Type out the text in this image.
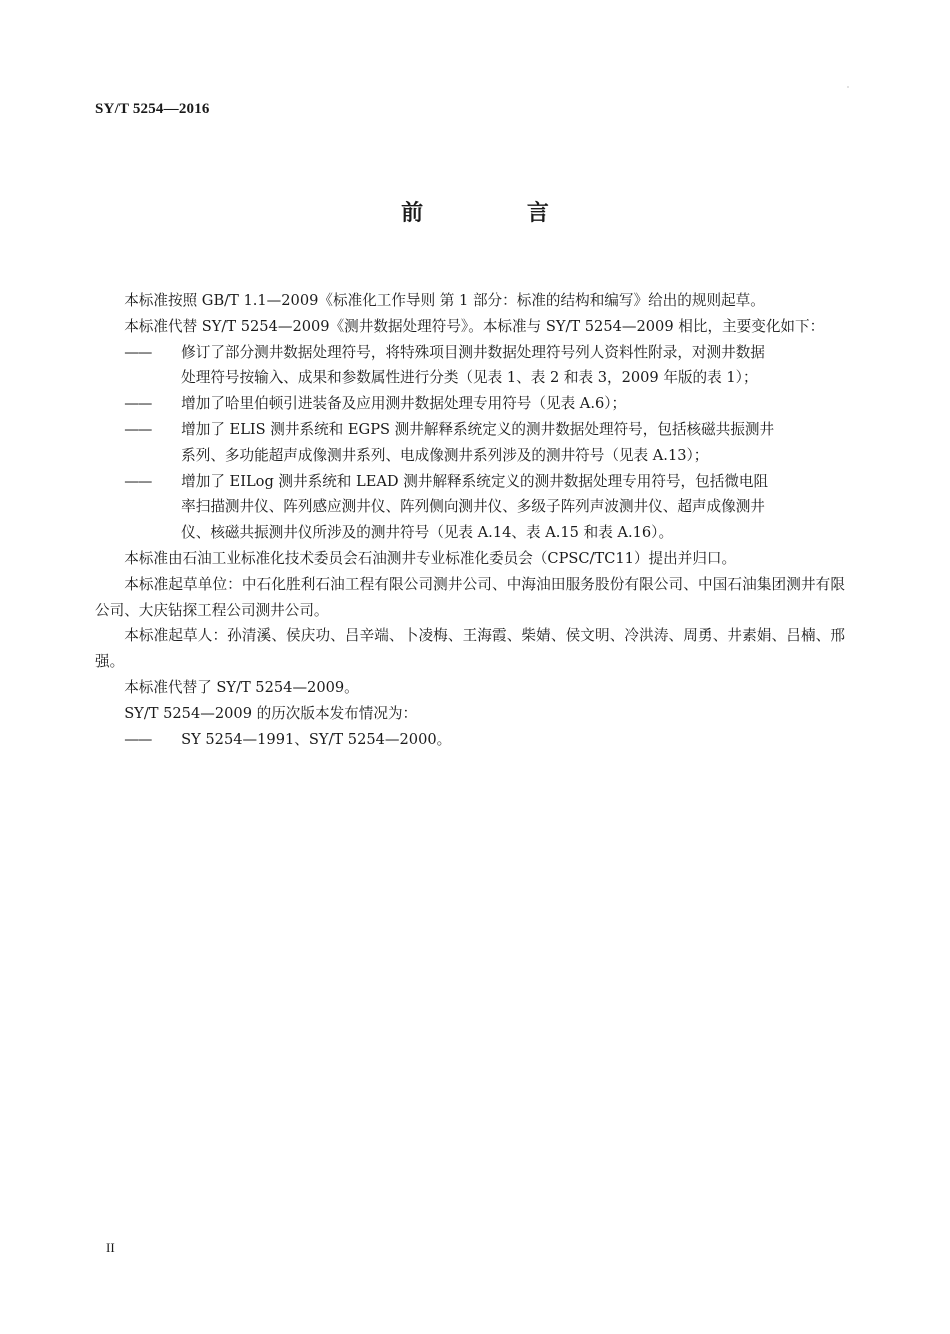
SY/T 5254—2016
前 言

本标准按照 GB/T 1.1—2009《标准化工作导则 第 1 部分：标准的结构和编写》给出的规则起草。

本标准代替 SY/T 5254—2009《测井数据处理符号》。本标准与 SY/T 5254—2009 相比，主要变化如下：

—— 修订了部分测井数据处理符号，将特殊项目测井数据处理符号列人资料性附录，对测井数据
处理符号按输入、成果和参数属性进行分类（见表 1、表 2 和表 3，2009 年版的表 1）；
—— 增加了哈里伯顿引进装备及应用测井数据处理专用符号（见表 A.6）；
—— 增加了 ELIS 测井系统和 EGPS 测井解释系统定义的测井数据处理符号，包括核磁共振测井
系列、多功能超声成像测井系列、电成像测井系列涉及的测井符号（见表 A.13）；
—— 增加了 EILog 测井系统和 LEAD 测井解释系统定义的测井数据处理专用符号，包括微电阻
率扫描测井仪、阵列感应测井仪、阵列侧向测井仪、多级子阵列声波测井仪、超声成像测井
仪、核磁共振测井仪所涉及的测井符号（见表 A.14、表 A.15 和表 A.16）。

本标准由石油工业标准化技术委员会石油测井专业标准化委员会（CPSC/TC11）提出并归口。

本标准起草单位：中石化胜利石油工程有限公司测井公司、中海油田服务股份有限公司、中国石油集团测井有限公司、大庆钻探工程公司测井公司。

本标准起草人：孙清溪、侯庆功、吕辛端、卜凌梅、王海霞、柴婧、侯文明、冷洪涛、周勇、井素娟、吕楠、邢强。

本标准代替了 SY/T 5254—2009。

SY/T 5254—2009 的历次版本发布情况为：

—— SY 5254—1991、SY/T 5254—2000。

II
